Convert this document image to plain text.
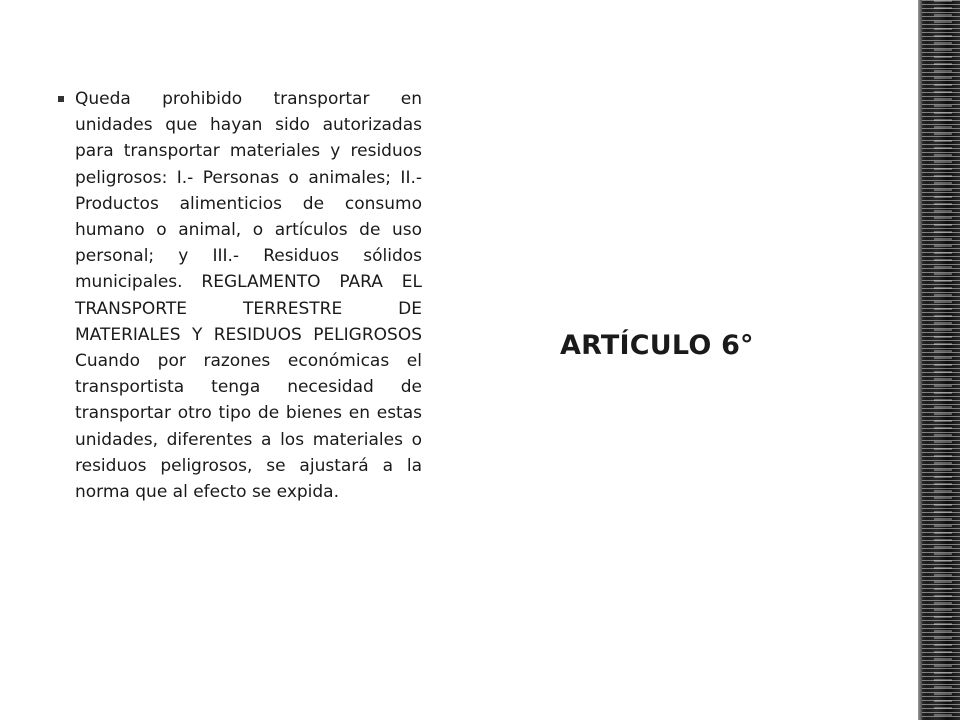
Queda prohibido transportar en unidades que hayan sido autorizadas para transportar materiales y residuos peligrosos: I.- Personas o animales; II.- Productos alimenticios de consumo humano o animal, o artículos de uso personal; y III.- Residuos sólidos municipales. REGLAMENTO PARA EL TRANSPORTE TERRESTRE DE MATERIALES Y RESIDUOS PELIGROSOS Cuando por razones económicas el transportista tenga necesidad de transportar otro tipo de bienes en estas unidades, diferentes a los materiales o residuos peligrosos, se ajustará a la norma que al efecto se expida.
ARTÍCULO 6°
